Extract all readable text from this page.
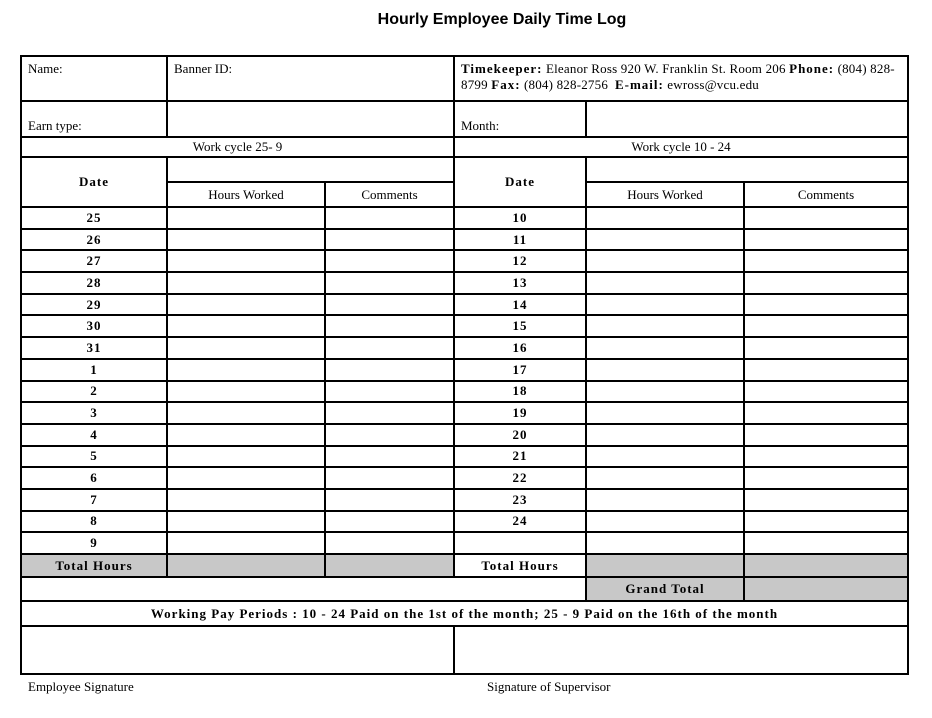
Hourly Employee Daily Time Log
Name:	Banner ID:		Timekeeper: Eleanor Ross 920 W. Franklin St. Room 206 Phone: (804) 828-8799 Fax: (804) 828-2756 E-mail: ewross@vcu.edu		
Earn type:			Month:		
Work cycle 25- 9			Work cycle 10 - 24		
Date			Date		
	Hours Worked	Comments		Hours Worked	Comments
25			10		
26			11		
27			12		
28			13		
29			14		
30			15		
31			16		
1			17		
2			18		
3			19		
4			20		
5			21		
6			22		
7			23		
8			24		
9					
Total Hours			Total Hours		
				Grand Total	
Working Pay Periods : 10 - 24 Paid on the 1st of the month; 25 - 9 Paid on the 16th of the month					

Employee Signature	Signature of Supervisor
